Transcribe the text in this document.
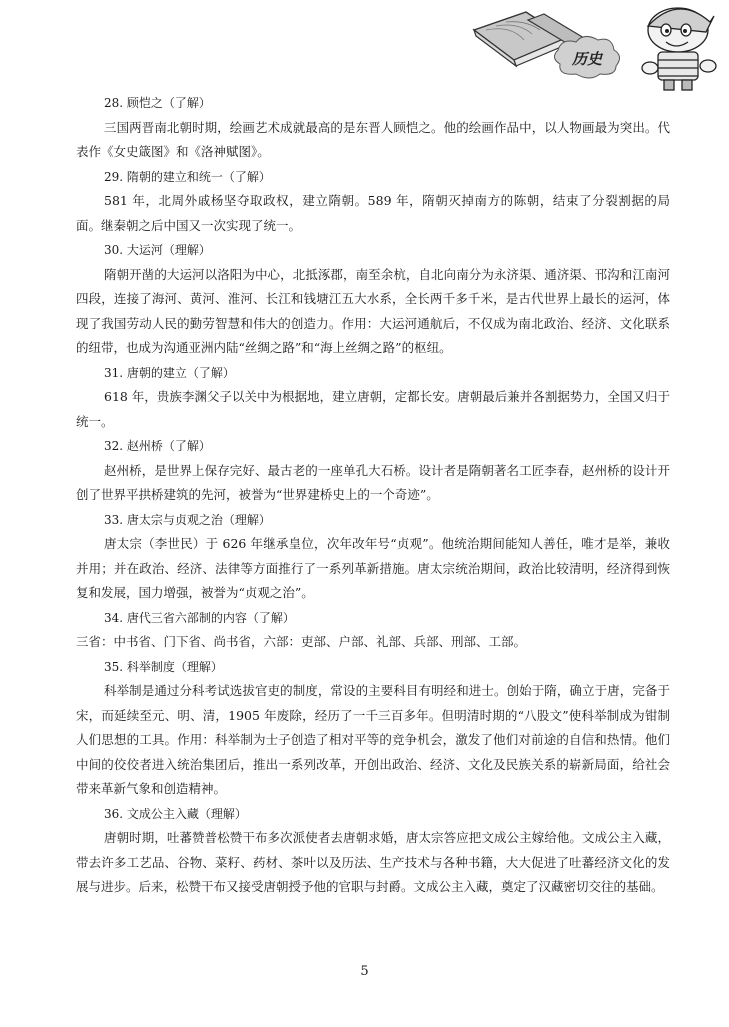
历史
28. 顾恺之（了解）

三国两晋南北朝时期，绘画艺术成就最高的是东晋人顾恺之。他的绘画作品中，以人物画最为突出。代表作《女史箴图》和《洛神赋图》。

29. 隋朝的建立和统一（了解）

581 年，北周外戚杨坚夺取政权，建立隋朝。589 年，隋朝灭掉南方的陈朝，结束了分裂割据的局面。继秦朝之后中国又一次实现了统一。

30. 大运河（理解）

隋朝开凿的大运河以洛阳为中心，北抵涿郡，南至余杭，自北向南分为永济渠、通济渠、邗沟和江南河四段，连接了海河、黄河、淮河、长江和钱塘江五大水系，全长两千多千米，是古代世界上最长的运河，体现了我国劳动人民的勤劳智慧和伟大的创造力。作用：大运河通航后，不仅成为南北政治、经济、文化联系的纽带，也成为沟通亚洲内陆“丝绸之路”和“海上丝绸之路”的枢纽。

31. 唐朝的建立（了解）

618 年，贵族李渊父子以关中为根据地，建立唐朝，定都长安。唐朝最后兼并各割据势力，全国又归于统一。

32. 赵州桥（了解）

赵州桥，是世界上保存完好、最古老的一座单孔大石桥。设计者是隋朝著名工匠李春，赵州桥的设计开创了世界平拱桥建筑的先河，被誉为“世界建桥史上的一个奇迹”。

33. 唐太宗与贞观之治（理解）

唐太宗（李世民）于 626 年继承皇位，次年改年号“贞观”。他统治期间能知人善任，唯才是举，兼收并用；并在政治、经济、法律等方面推行了一系列革新措施。唐太宗统治期间，政治比较清明，经济得到恢复和发展，国力增强，被誉为“贞观之治”。

34. 唐代三省六部制的内容（了解）

三省：中书省、门下省、尚书省，六部：吏部、户部、礼部、兵部、刑部、工部。

35. 科举制度（理解）

科举制是通过分科考试选拔官吏的制度，常设的主要科目有明经和进士。创始于隋，确立于唐，完备于宋，而延续至元、明、清，1905 年废除，经历了一千三百多年。但明清时期的“八股文”使科举制成为钳制人们思想的工具。作用：科举制为士子创造了相对平等的竞争机会，激发了他们对前途的自信和热情。他们中间的佼佼者进入统治集团后，推出一系列改革，开创出政治、经济、文化及民族关系的崭新局面，给社会带来革新气象和创造精神。

36. 文成公主入藏（理解）

唐朝时期，吐蕃赞普松赞干布多次派使者去唐朝求婚，唐太宗答应把文成公主嫁给他。文成公主入藏，带去许多工艺品、谷物、菜籽、药材、茶叶以及历法、生产技术与各种书籍，大大促进了吐蕃经济文化的发展与进步。后来，松赞干布又接受唐朝授予他的官职与封爵。文成公主入藏，奠定了汉藏密切交往的基础。

5
